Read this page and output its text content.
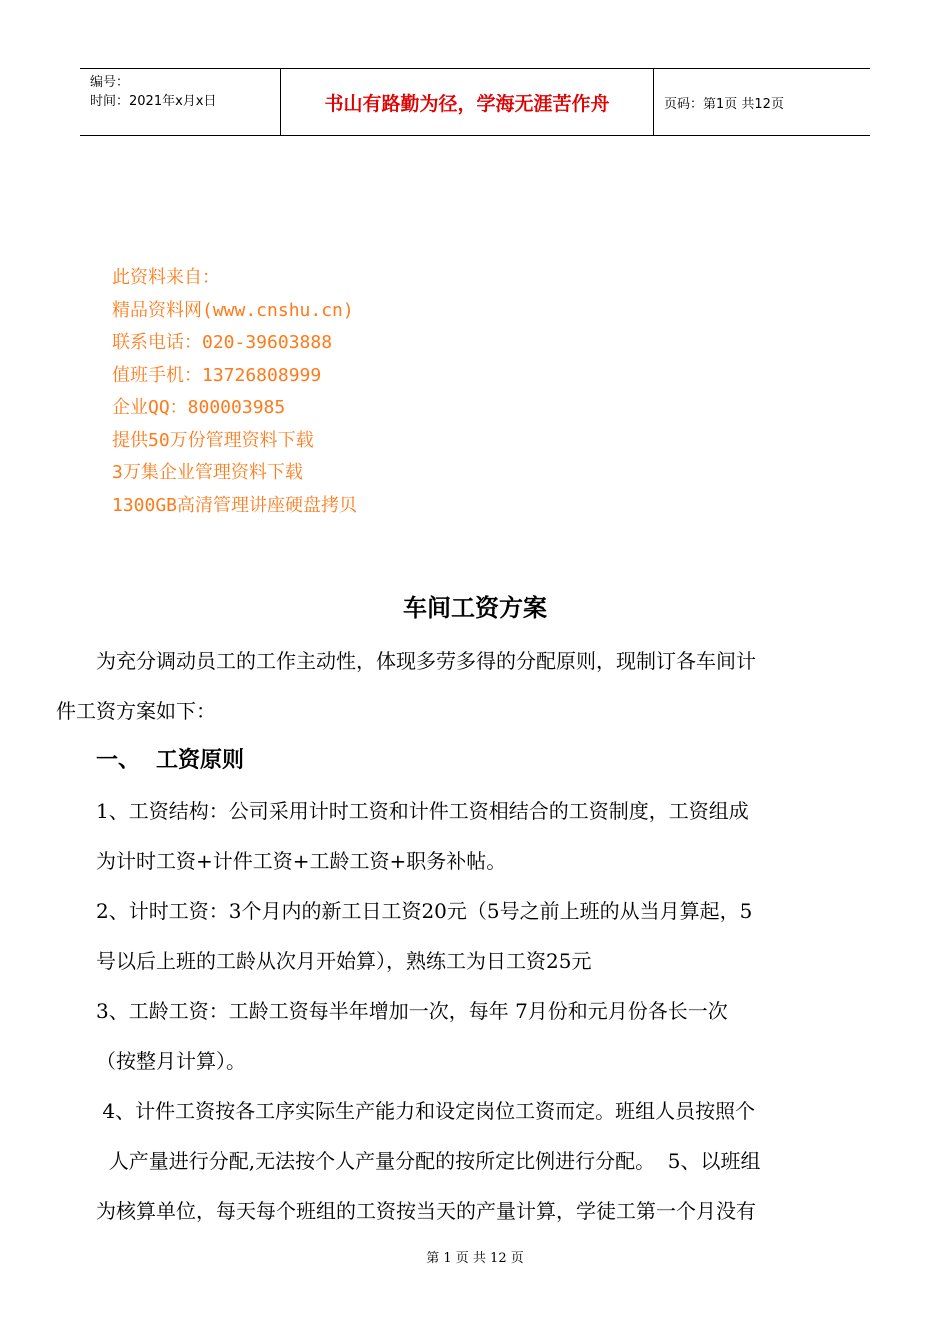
编号：
时间：2021年x月x日	书山有路勤为径，学海无涯苦作舟	页码：第1页 共12页
此资料来自：
精品资料网(www.cnshu.cn)
联系电话：020-39603888
值班手机：13726808999
企业QQ：800003985
提供50万份管理资料下载
3万集企业管理资料下载
1300GB高清管理讲座硬盘拷贝
车间工资方案
为充分调动员工的工作主动性，体现多劳多得的分配原则，现制订各车间计
件工资方案如下：
一、 工资原则
1、工资结构：公司采用计时工资和计件工资相结合的工资制度，工资组成
为计时工资+计件工资+工龄工资+职务补帖。
2、计时工资：3个月内的新工日工资20元（5号之前上班的从当月算起，5
号以后上班的工龄从次月开始算），熟练工为日工资25元
3、工龄工资：工龄工资每半年增加一次，每年 7月份和元月份各长一次
（按整月计算）。
4、计件工资按各工序实际生产能力和设定岗位工资而定。班组人员按照个
人产量进行分配,无法按个人产量分配的按所定比例进行分配。  5、以班组
为核算单位，每天每个班组的工资按当天的产量计算，学徒工第一个月没有
第 1 页 共 12 页
